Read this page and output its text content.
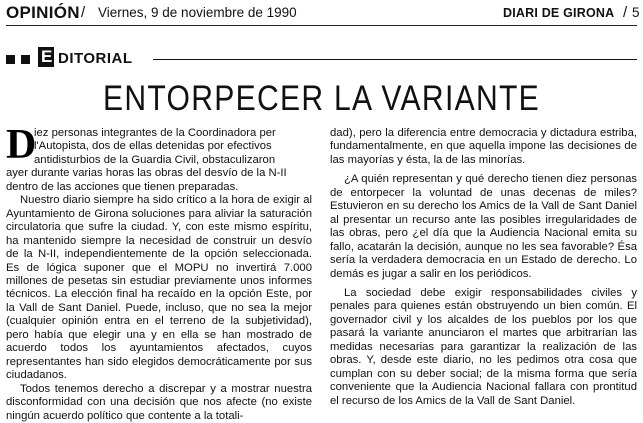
OPINIÓN / Viernes, 9 de noviembre de 1990	DIARI DE GIRONA / 5
E DITORIAL
ENTORPECER LA VARIANTE
D
iez personas integrantes de la Coordinadora per
l'Autopista, dos de ellas detenidas por efectivos
antidisturbios de la Guardia Civil, obstaculizaron
ayer durante varias horas las obras del desvío de la N-II
dentro de las acciones que tienen preparadas.

Nuestro diario siempre ha sido crítico a la hora de exigir al Ayuntamiento de Girona soluciones para aliviar la saturación circulatoria que sufre la ciudad. Y, con este mismo espíritu, ha mantenido siempre la necesidad de construir un desvío de la N-II, independientemente de la opción seleccionada. Es de lógica suponer que el MOPU no invertirá 7.000 millones de pesetas sin estudiar previamente unos informes técnicos. La elección final ha recaído en la opción Este, por la Vall de Sant Daniel. Puede, incluso, que no sea la mejor (cualquier opinión entra en el terreno de la subjetividad), pero había que elegir una y en ella se han mostrado de acuerdo todos los ayuntamientos afectados, cuyos representantes han sido elegidos democráticamente por sus ciudadanos.

Todos tenemos derecho a discrepar y a mostrar nuestra disconformidad con una decisión que nos afecte (no existe ningún acuerdo político que contente a la totali-

dad), pero la diferencia entre democracia y dictadura estriba, fundamentalmente, en que aquella impone las decisiones de las mayorías y ésta, la de las minorías.

¿A quién representan y qué derecho tienen diez personas de entorpecer la voluntad de unas decenas de miles? Estuvieron en su derecho los Amics de la Vall de Sant Daniel al presentar un recurso ante las posibles irregularidades de las obras, pero ¿el día que la Audiencia Nacional emita su fallo, acatarán la decisión, aunque no les sea favorable? Ésa sería la verdadera democracia en un Estado de derecho. Lo demás es jugar a salir en los periódicos.

La sociedad debe exigir responsabilidades civiles y penales para quienes están obstruyendo un bien común. El governador civil y los alcaldes de los pueblos por los que pasará la variante anunciaron el martes que arbitrarían las medidas necesarias para garantizar la realización de las obras. Y, desde este diario, no les pedimos otra cosa que cumplan con su deber social; de la misma forma que sería conveniente que la Audiencia Nacional fallara con prontitud el recurso de los Amics de la Vall de Sant Daniel.
